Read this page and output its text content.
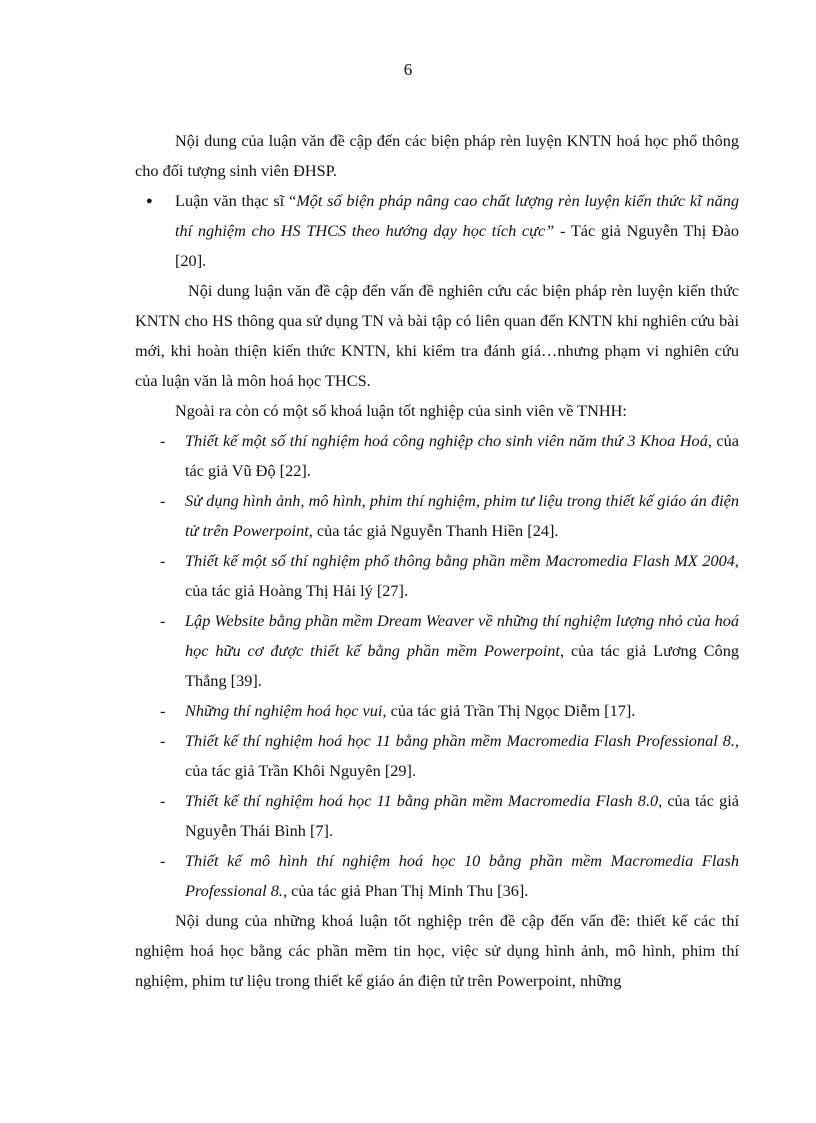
6

Nội dung của luận văn đề cập đến các biện pháp rèn luyện KNTN hoá học phổ thông cho đối tượng sinh viên ĐHSP.

● Luận văn thạc sĩ “Một số biện pháp nâng cao chất lượng rèn luyện kiến thức kĩ năng thí nghiệm cho HS THCS theo hướng dạy học tích cực” - Tác giả Nguyễn Thị Đào [20].

Nội dung luận văn đề cập đến vấn đề nghiên cứu các biện pháp rèn luyện kiến thức KNTN cho HS thông qua sử dụng TN và bài tập có liên quan đến KNTN khi nghiên cứu bài mới, khi hoàn thiện kiến thức KNTN, khi kiểm tra đánh giá…nhưng phạm vi nghiên cứu của luận văn là môn hoá học THCS.

Ngoài ra còn có một số khoá luận tốt nghiệp của sinh viên về TNHH:

- Thiết kế một số thí nghiệm hoá công nghiệp cho sinh viên năm thứ 3 Khoa Hoá, của tác giả Vũ Độ [22].

- Sử dụng hình ảnh, mô hình, phim thí nghiệm, phim tư liệu trong thiết kế giáo án điện tử trên Powerpoint, của tác giả Nguyễn Thanh Hiền [24].

- Thiết kế một số thí nghiệm phổ thông bằng phần mềm Macromedia Flash MX 2004, của tác giả Hoàng Thị Hải lý [27].

- Lập Website bằng phần mềm Dream Weaver về những thí nghiệm lượng nhỏ của hoá học hữu cơ được thiết kế bằng phần mềm Powerpoint, của tác giả Lương Công Thắng [39].

- Những thí nghiệm hoá học vui, của tác giả Trần Thị Ngọc Diễm [17].

- Thiết kế thí nghiệm hoá học 11 bằng phần mềm Macromedia Flash Professional 8., của tác giả Trần Khôi Nguyên [29].

- Thiết kế thí nghiệm hoá học 11 bằng phần mềm Macromedia Flash 8.0, của tác giả Nguyễn Thái Bình [7].

- Thiết kế mô hình thí nghiệm hoá học 10 bằng phần mềm Macromedia Flash Professional 8., của tác giả Phan Thị Minh Thu [36].

Nội dung của những khoá luận tốt nghiệp trên đề cập đến vấn đề: thiết kế các thí nghiệm hoá học bằng các phần mềm tin học, việc sử dụng hình ảnh, mô hình, phim thí nghiệm, phim tư liệu trong thiết kế giáo án điện tử trên Powerpoint, những
